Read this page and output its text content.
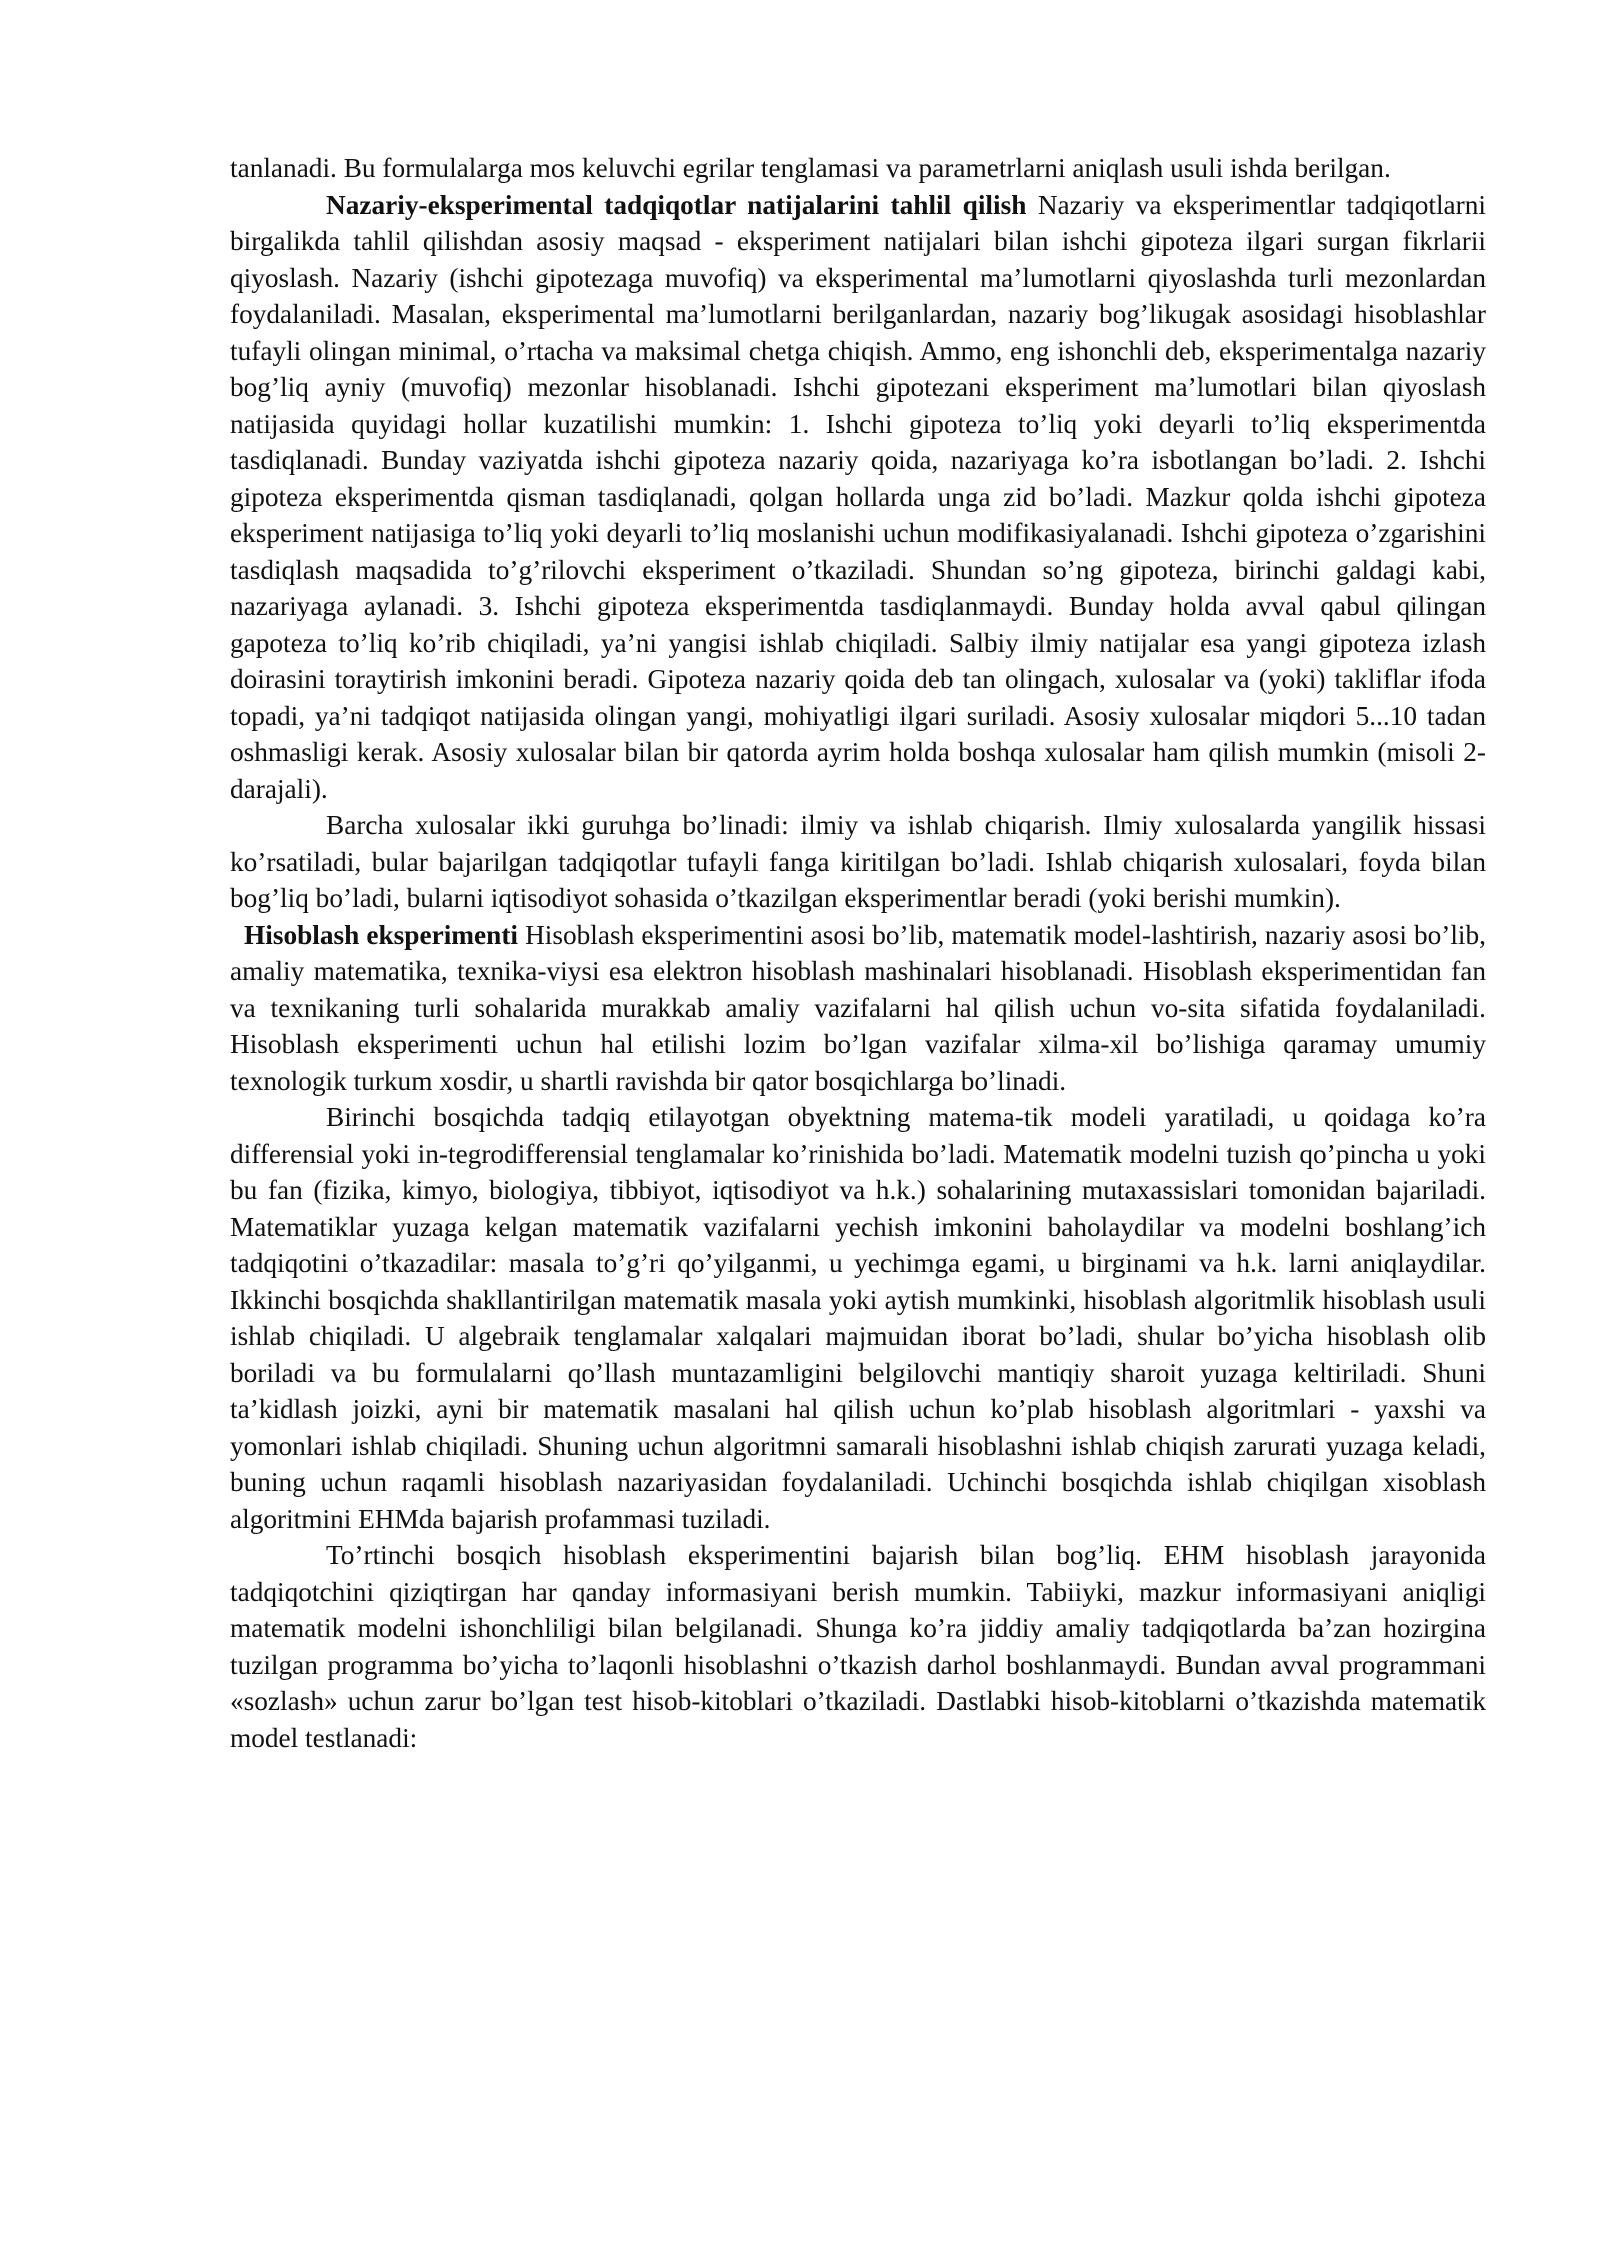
tanlanadi. Bu formulalarga mos keluvchi egrilar tenglamasi va parametrlarni aniqlash usuli ishda berilgan.

Nazariy-eksperimental tadqiqotlar natijalarini tahlil qilish Nazariy va eksperimentlar tadqiqotlarni birgalikda tahlil qilishdan asosiy maqsad - eksperiment natijalari bilan ishchi gipoteza ilgari surgan fikrlarii qiyoslash. Nazariy (ishchi gipotezaga muvofiq) va eksperimental ma’lumotlarni qiyoslashda turli mezonlardan foydalaniladi. Masalan, eksperimental ma’lumotlarni berilganlardan, nazariy bog’likugak asosidagi hisoblashlar tufayli olingan minimal, o’rtacha va maksimal chetga chiqish. Ammo, eng ishonchli deb, eksperimentalga nazariy bog’liq ayniy (muvofiq) mezonlar hisoblanadi. Ishchi gipotezani eksperiment ma’lumotlari bilan qiyoslash natijasida quyidagi hollar kuzatilishi mumkin: 1. Ishchi gipoteza to’liq yoki deyarli to’liq eksperimentda tasdiqlanadi. Bunday vaziyatda ishchi gipoteza nazariy qoida, nazariyaga ko’ra isbotlangan bo’ladi. 2. Ishchi gipoteza eksperimentda qisman tasdiqlanadi, qolgan hollarda unga zid bo’ladi. Mazkur qolda ishchi gipoteza eksperiment natijasiga to’liq yoki deyarli to’liq moslanishi uchun modifikasiyalanadi. Ishchi gipoteza o’zgarishini tasdiqlash maqsadida to’g’rilovchi eksperiment o’tkaziladi. Shundan so’ng gipoteza, birinchi galdagi kabi, nazariyaga aylanadi. 3. Ishchi gipoteza eksperimentda tasdiqlanmaydi. Bunday holda avval qabul qilingan gapoteza to’liq ko’rib chiqiladi, ya’ni yangisi ishlab chiqiladi. Salbiy ilmiy natijalar esa yangi gipoteza izlash doirasini toraytirish imkonini beradi. Gipoteza nazariy qoida deb tan olingach, xulosalar va (yoki) takliflar ifoda topadi, ya’ni tadqiqot natijasida olingan yangi, mohiyatligi ilgari suriladi. Asosiy xulosalar miqdori 5...10 tadan oshmasligi kerak. Asosiy xulosalar bilan bir qatorda ayrim holda boshqa xulosalar ham qilish mumkin (misoli 2- darajali).

Barcha xulosalar ikki guruhga bo’linadi: ilmiy va ishlab chiqarish. Ilmiy xulosalarda yangilik hissasi ko’rsatiladi, bular bajarilgan tadqiqotlar tufayli fanga kiritilgan bo’ladi. Ishlab chiqarish xulosalari, foyda bilan bog’liq bo’ladi, bularni iqtisodiyot sohasida o’tkazilgan eksperimentlar beradi (yoki berishi mumkin).

Hisoblash eksperimenti Hisoblash eksperimentini asosi bo’lib, matematik model-lashtirish, nazariy asosi bo’lib, amaliy matematika, texnika-viysi esa elektron hisoblash mashinalari hisoblanadi. Hisoblash eksperimentidan fan va texnikaning turli sohalarida murakkab amaliy vazifalarni hal qilish uchun vo-sita sifatida foydalaniladi. Hisoblash eksperimenti uchun hal etilishi lozim bo’lgan vazifalar xilma-xil bo’lishiga qaramay umumiy texnologik turkum xosdir, u shartli ravishda bir qator bosqichlarga bo’linadi.

Birinchi bosqichda tadqiq etilayotgan obyektning matema-tik modeli yaratiladi, u qoidaga ko’ra differensial yoki in-tegrodifferensial tenglamalar ko’rinishida bo’ladi. Matematik modelni tuzish qo’pincha u yoki bu fan (fizika, kimyo, biologiya, tibbiyot, iqtisodiyot va h.k.) sohalarining mutaxassislari tomonidan bajariladi. Matematiklar yuzaga kelgan matematik vazifalarni yechish imkonini baholaydilar va modelni boshlang’ich tadqiqotini o’tkazadilar: masala to’g’ri qo’yilganmi, u yechimga egami, u birginami va h.k. larni aniqlaydilar. Ikkinchi bosqichda shakllantirilgan matematik masala yoki aytish mumkinki, hisoblash algoritmlik hisoblash usuli ishlab chiqiladi. U algebraik tenglamalar xalqalari majmuidan iborat bo’ladi, shular bo’yicha hisoblash olib boriladi va bu formulalarni qo’llash muntazamligini belgilovchi mantiqiy sharoit yuzaga keltiriladi. Shuni ta’kidlash joizki, ayni bir matematik masalani hal qilish uchun ko’plab hisoblash algoritmlari - yaxshi va yomonlari ishlab chiqiladi. Shuning uchun algoritmni samarali hisoblashni ishlab chiqish zarurati yuzaga keladi, buning uchun raqamli hisoblash nazariyasidan foydalaniladi. Uchinchi bosqichda ishlab chiqilgan xisoblash algoritmini EHMda bajarish profammasi tuziladi.

To’rtinchi bosqich hisoblash eksperimentini bajarish bilan bog’liq. EHM hisoblash jarayonida tadqiqotchini qiziqtirgan har qanday informasiyani berish mumkin. Tabiiyki, mazkur informasiyani aniqligi matematik modelni ishonchliligi bilan belgilanadi. Shunga ko’ra jiddiy amaliy tadqiqotlarda ba’zan hozirgina tuzilgan programma bo’yicha to’laqonli hisoblashni o’tkazish darhol boshlanmaydi. Bundan avval programmani «sozlash» uchun zarur bo’lgan test hisob-kitoblari o’tkaziladi. Dastlabki hisob-kitoblarni o’tkazishda matematik model testlanadi:
